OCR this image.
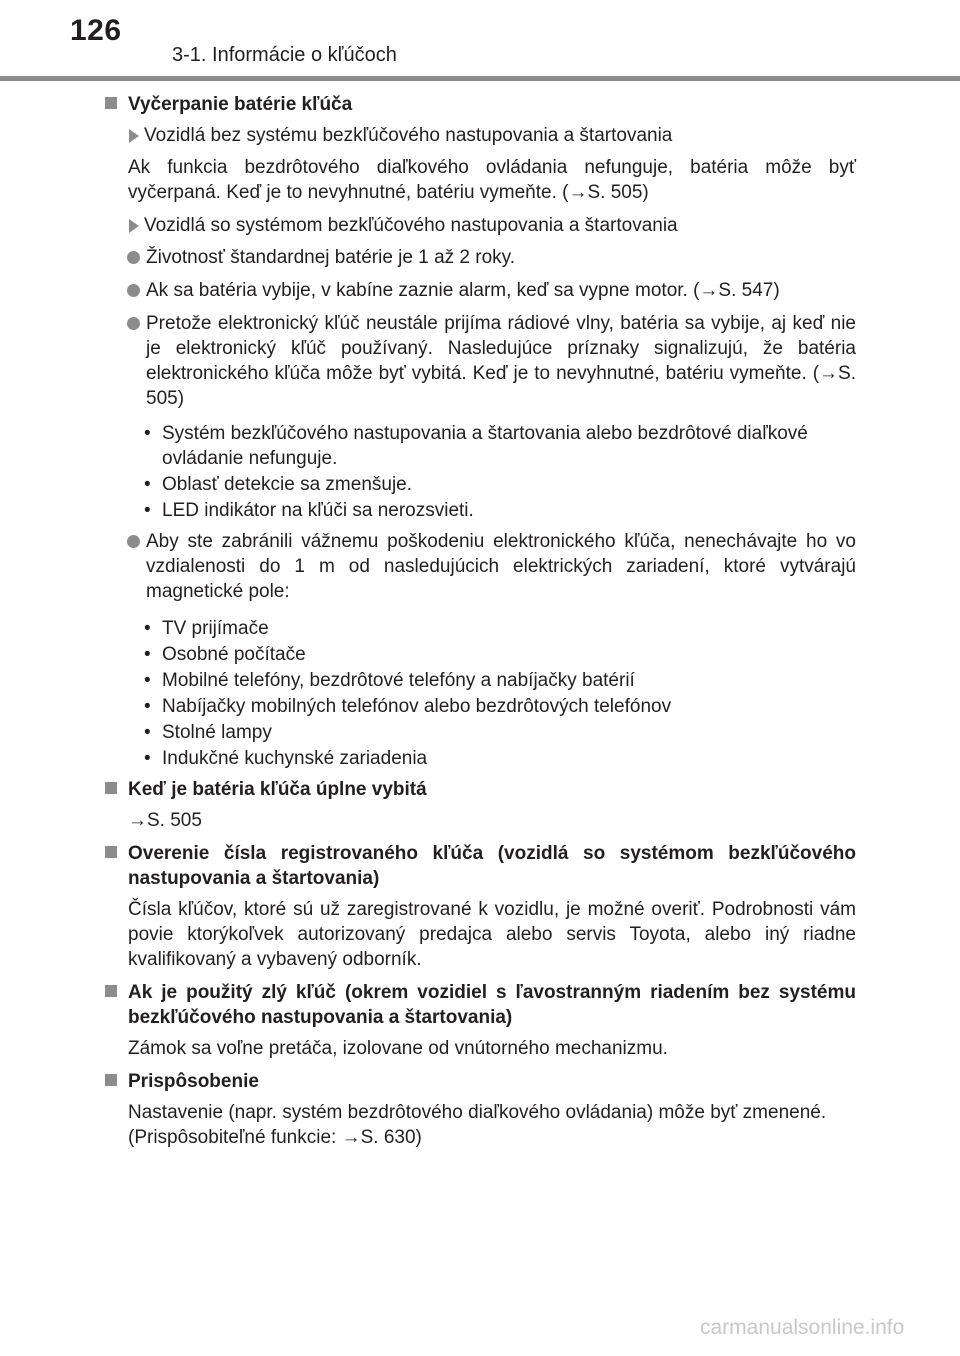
126
3-1. Informácie o kľúčoch
Vyčerpanie batérie kľúča
Vozidlá bez systému bezkľúčového nastupovania a štartovania
Ak funkcia bezdrôtového diaľkového ovládania nefunguje, batéria môže byť vyčerpaná. Keď je to nevyhnutné, batériu vymeňte. (→S. 505)
Vozidlá so systémom bezkľúčového nastupovania a štartovania
Životnosť štandardnej batérie je 1 až 2 roky.
Ak sa batéria vybije, v kabíne zaznie alarm, keď sa vypne motor. (→S. 547)
Pretože elektronický kľúč neustále prijíma rádiové vlny, batéria sa vybije, aj keď nie je elektronický kľúč používaný. Nasledujúce príznaky signalizujú, že batéria elektronického kľúča môže byť vybitá. Keď je to nevyhnutné, batériu vymeňte. (→S. 505)
• Systém bezkľúčového nastupovania a štartovania alebo bezdrôtové diaľkové ovládanie nefunguje.
• Oblasť detekcie sa zmenšuje.
• LED indikátor na kľúči sa nerozsvieti.
Aby ste zabránili vážnemu poškodeniu elektronického kľúča, nenechávajte ho vo vzdialenosti do 1 m od nasledujúcich elektrických zariadení, ktoré vytvárajú magnetické pole:
• TV prijímače
• Osobné počítače
• Mobilné telefóny, bezdrôtové telefóny a nabíjačky batérií
• Nabíjačky mobilných telefónov alebo bezdrôtových telefónov
• Stolné lampy
• Indukčné kuchynské zariadenia
Keď je batéria kľúča úplne vybitá
→S. 505
Overenie čísla registrovaného kľúča (vozidlá so systémom bezkľúčového nastupovania a štartovania)
Čísla kľúčov, ktoré sú už zaregistrované k vozidlu, je možné overiť. Podrobnosti vám povie ktorýkoľvek autorizovaný predajca alebo servis Toyota, alebo iný riadne kvalifikovaný a vybavený odborník.
Ak je použitý zlý kľúč (okrem vozidiel s ľavostranným riadením bez systému bezkľúčového nastupovania a štartovania)
Zámok sa voľne pretáča, izolovane od vnútorného mechanizmu.
Prispôsobenie
Nastavenie (napr. systém bezdrôtového diaľkového ovládania) môže byť zmenené.
(Prispôsobiteľné funkcie: →S. 630)
carmanualsonline.info
